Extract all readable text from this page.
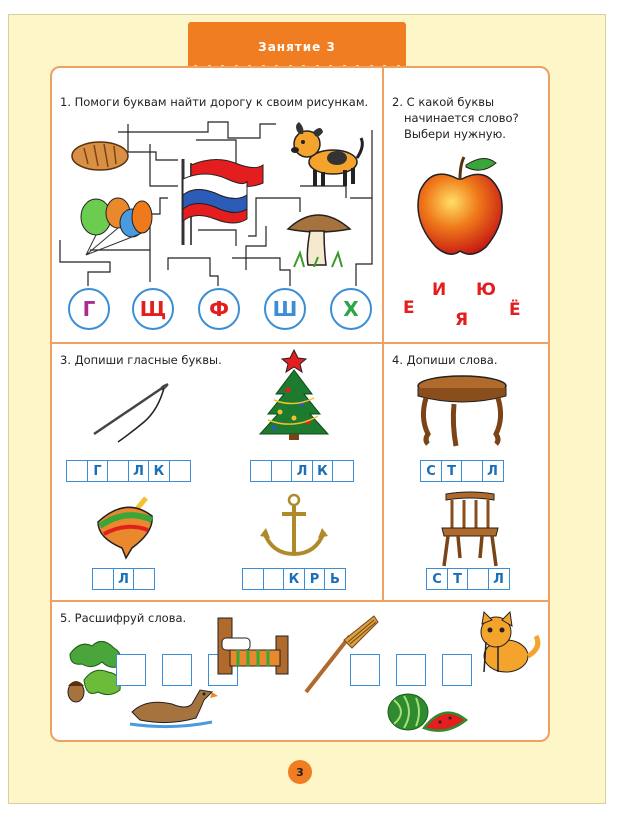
Занятие 3
1. Помоги буквам найти дорогу к своим рисункам.
Г Щ Ф Ш Х
2. С какой буквы
начинается слово?
Выбери нужную.
Е
И
Я
Ю
Ё
3. Допиши гласные буквы.
Г	Л К	Л К
Л	К Р Ь
4. Допиши слова.
С Т	Л
С Т	Л
5. Расшифруй слова.
3
